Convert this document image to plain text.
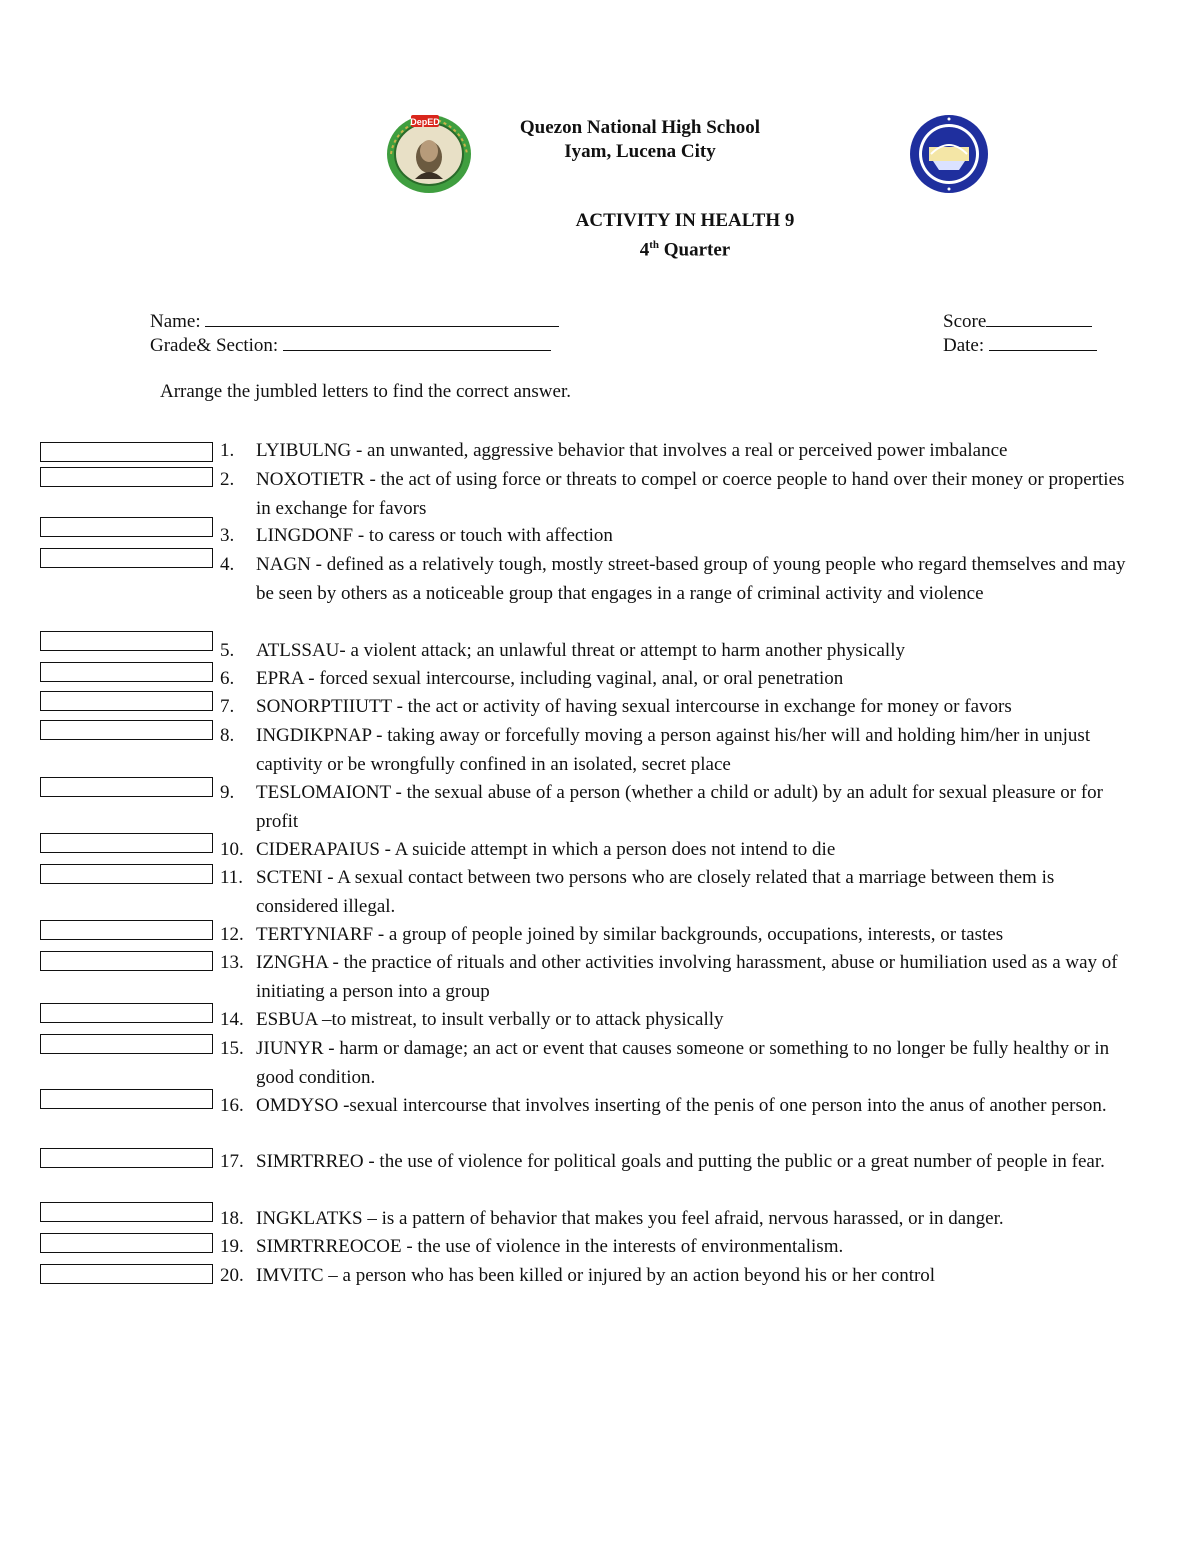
DepED	Quezon National High School
Iyam, Lucena City
ACTIVITY IN HEALTH 9
4th Quarter
Name:
Grade& Section:
Score
Date:
Arrange the jumbled letters to find the correct answer.
1. LYIBULNG - an unwanted, aggressive behavior that involves a real or perceived power imbalance
2. NOXOTIETR - the act of using force or threats to compel or coerce people to hand over their money or properties in exchange for favors
3. LINGDONF - to caress or touch with affection
4. NAGN - defined as a relatively tough, mostly street-based group of young people who regard themselves and may be seen by others as a noticeable group that engages in a range of criminal activity and violence
5. ATLSSAU- a violent attack; an unlawful threat or attempt to harm another physically
6. EPRA - forced sexual intercourse, including vaginal, anal, or oral penetration
7. SONORPTIIUTT - the act or activity of having sexual intercourse in exchange for money or favors
8. INGDIKPNAP - taking away or forcefully moving a person against his/her will and holding him/her in unjust captivity or be wrongfully confined in an isolated, secret place
9. TESLOMAIONT - the sexual abuse of a person (whether a child or adult) by an adult for sexual pleasure or for profit
10. CIDERAPAIUS - A suicide attempt in which a person does not intend to die
11. SCTENI - A sexual contact between two persons who are closely related that a marriage between them is considered illegal.
12. TERTYNIARF - a group of people joined by similar backgrounds, occupations, interests, or tastes
13. IZNGHA - the practice of rituals and other activities involving harassment, abuse or humiliation used as a way of initiating a person into a group
14. ESBUA –to mistreat, to insult verbally or to attack physically
15. JIUNYR - harm or damage; an act or event that causes someone or something to no longer be fully healthy or in good condition.
16. OMDYSO -sexual intercourse that involves inserting of the penis of one person into the anus of another person.
17. SIMRTRREO - the use of violence for political goals and putting the public or a great number of people in fear.
18. INGKLATKS – is a pattern of behavior that makes you feel afraid, nervous harassed, or in danger.
19. SIMRTRREOCOE - the use of violence in the interests of environmentalism.
20. IMVITC – a person who has been killed or injured by an action beyond his or her control
